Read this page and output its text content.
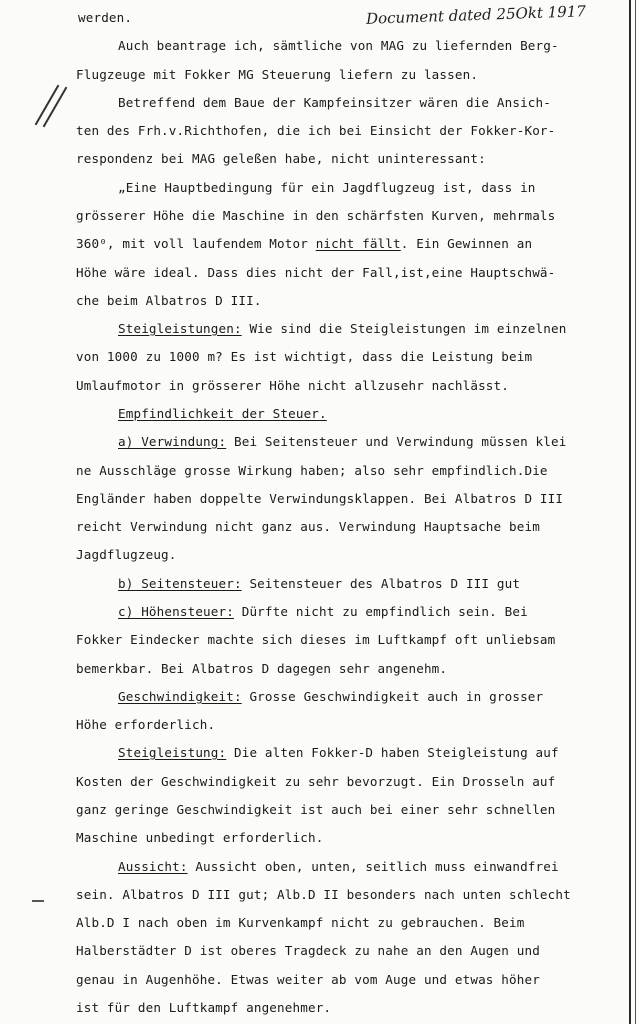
Document dated 25Okt 1917
werden.
Auch beantrage ich, sämtliche von MAG zu liefernden Berg-
Flugzeuge mit Fokker MG Steuerung liefern zu lassen.
Betreffend dem Baue der Kampfeinsitzer wären die Ansich-
ten des Frh.v.Richthofen, die ich bei Einsicht der Fokker-Kor-
respondenz bei MAG geleßen habe, nicht uninteressant:
„Eine Hauptbedingung für ein Jagdflugzeug ist, dass in
grösserer Höhe die Maschine in den schärfsten Kurven, mehrmals
360⁰, mit voll laufendem Motor nicht fällt. Ein Gewinnen an
Höhe wäre ideal. Dass dies nicht der Fall,ist,eine Hauptschwä-
che beim Albatros D III.
Steigleistungen: Wie sind die Steigleistungen im einzelnen
von 1000 zu 1000 m? Es ist wichtigt, dass die Leistung beim
Umlaufmotor in grösserer Höhe nicht allzusehr nachlässt.
Empfindlichkeit der Steuer.
a) Verwindung: Bei Seitensteuer und Verwindung müssen klei
ne Ausschläge grosse Wirkung haben; also sehr empfindlich.Die
Engländer haben doppelte Verwindungsklappen. Bei Albatros D III
reicht Verwindung nicht ganz aus. Verwindung Hauptsache beim
Jagdflugzeug.
b) Seitensteuer: Seitensteuer des Albatros D III gut
c) Höhensteuer: Dürfte nicht zu empfindlich sein. Bei
Fokker Eindecker machte sich dieses im Luftkampf oft unliebsam
bemerkbar. Bei Albatros D dagegen sehr angenehm.
Geschwindigkeit: Grosse Geschwindigkeit auch in grosser
Höhe erforderlich.
Steigleistung: Die alten Fokker-D haben Steigleistung auf
Kosten der Geschwindigkeit zu sehr bevorzugt. Ein Drosseln auf
ganz geringe Geschwindigkeit ist auch bei einer sehr schnellen
Maschine unbedingt erforderlich.
Aussicht: Aussicht oben, unten, seitlich muss einwandfrei
sein. Albatros D III gut; Alb.D II besonders nach unten schlecht
Alb.D I nach oben im Kurvenkampf nicht zu gebrauchen. Beim
Halberstädter D ist oberes Tragdeck zu nahe an den Augen und
genau in Augenhöhe. Etwas weiter ab vom Auge und etwas höher
ist für den Luftkampf angenehmer.
